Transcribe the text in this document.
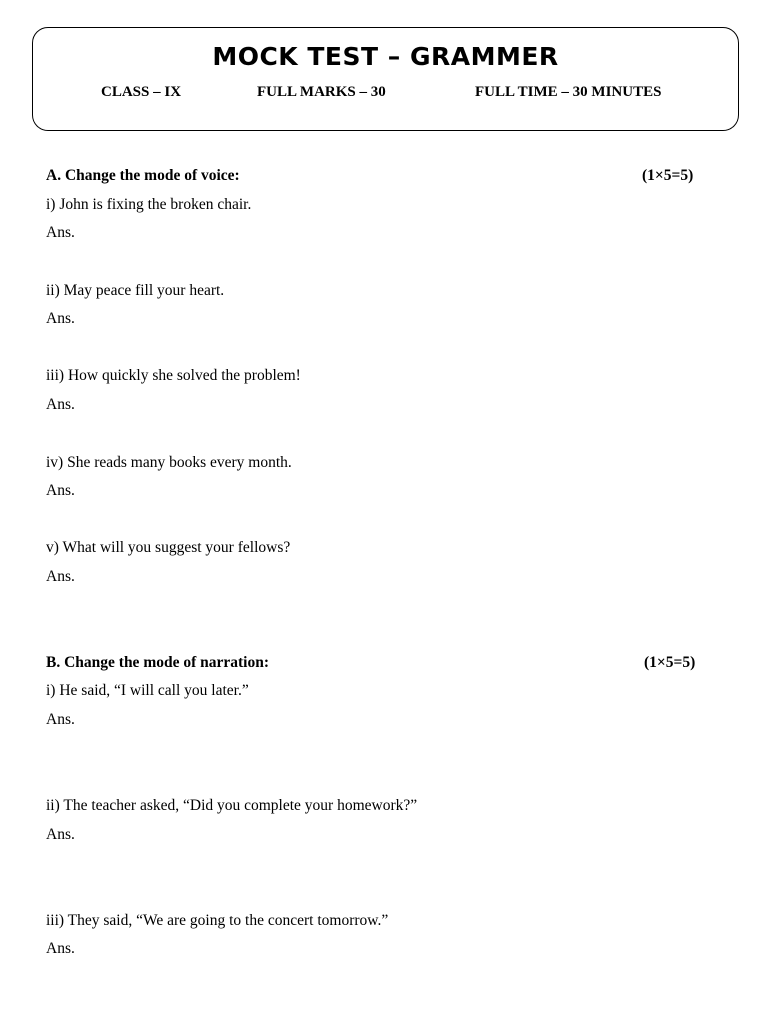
MOCK TEST – GRAMMER
CLASS – IX	FULL MARKS – 30	FULL TIME – 30 MINUTES
A. Change the mode of voice:	(1×5=5)
i) John is fixing the broken chair.
Ans.
ii) May peace fill your heart.
Ans.
iii) How quickly she solved the problem!
Ans.
iv) She reads many books every month.
Ans.
v) What will you suggest your fellows?
Ans.
B. Change the mode of narration:	(1×5=5)
i) He said, “I will call you later.”
Ans.
ii) The teacher asked, “Did you complete your homework?”
Ans.
iii) They said, “We are going to the concert tomorrow.”
Ans.
